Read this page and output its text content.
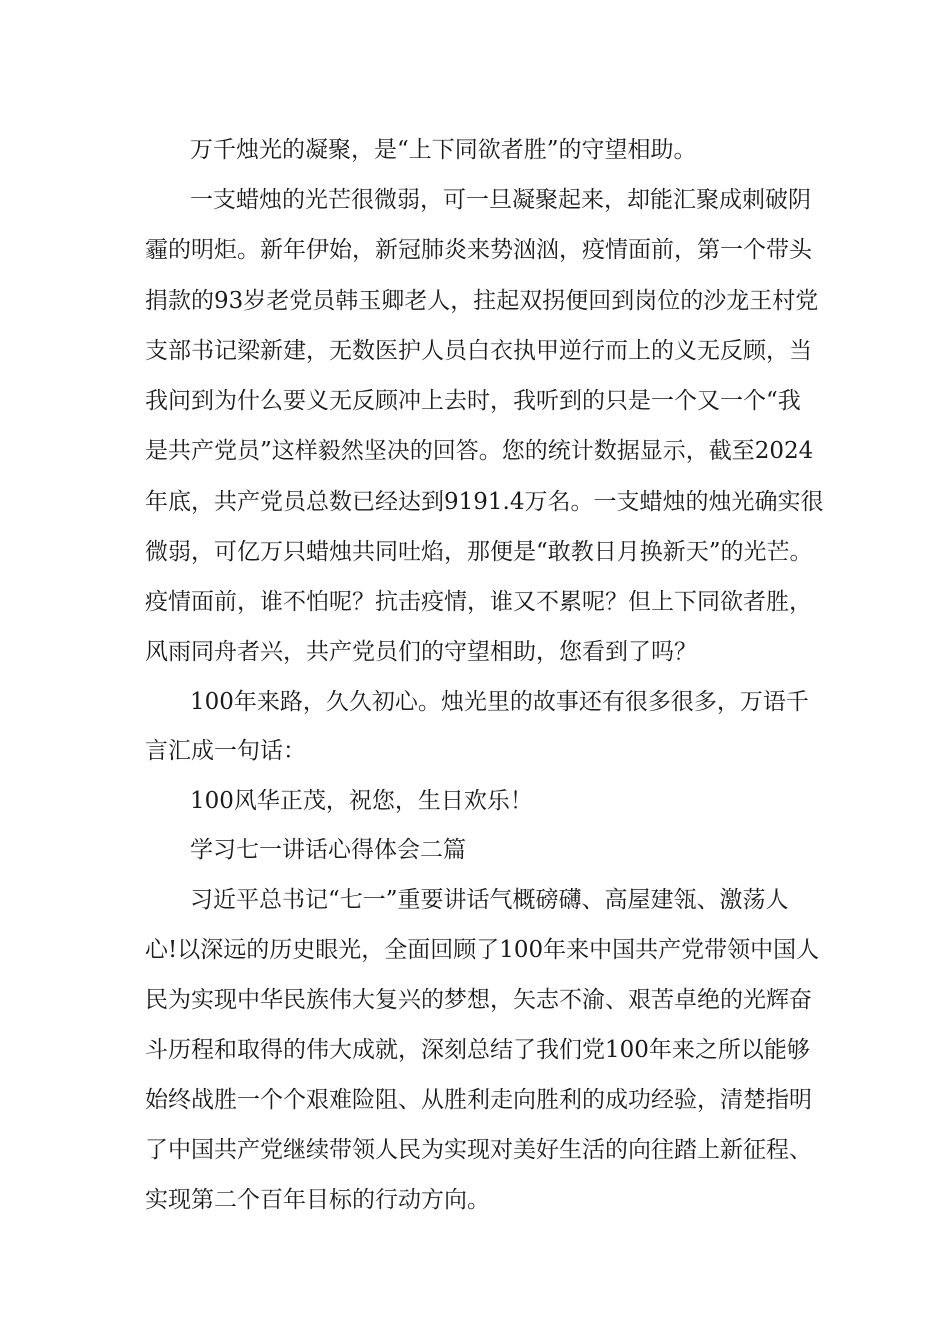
万千烛光的凝聚，是“上下同欲者胜”的守望相助。

一支蜡烛的光芒很微弱，可一旦凝聚起来，却能汇聚成刺破阴

霾的明炬。新年伊始，新冠肺炎来势汹汹，疫情面前，第一个带头

捐款的93岁老党员韩玉卿老人，拄起双拐便回到岗位的沙龙王村党

支部书记梁新建，无数医护人员白衣执甲逆行而上的义无反顾，当

我问到为什么要义无反顾冲上去时，我听到的只是一个又一个“我

是共产党员”这样毅然坚决的回答。您的统计数据显示，截至2024

年底，共产党员总数已经达到9191.4万名。一支蜡烛的烛光确实很

微弱，可亿万只蜡烛共同吐焰，那便是“敢教日月换新天”的光芒。

疫情面前，谁不怕呢？抗击疫情，谁又不累呢？但上下同欲者胜，

风雨同舟者兴，共产党员们的守望相助，您看到了吗？

100年来路，久久初心。烛光里的故事还有很多很多，万语千

言汇成一句话：

100风华正茂，祝您，生日欢乐！

学习七一讲话心得体会二篇

习近平总书记“七一”重要讲话气概磅礴、高屋建瓴、激荡人

心!以深远的历史眼光，全面回顾了100年来中国共产党带领中国人

民为实现中华民族伟大复兴的梦想，矢志不渝、艰苦卓绝的光辉奋

斗历程和取得的伟大成就，深刻总结了我们党100年来之所以能够

始终战胜一个个艰难险阻、从胜利走向胜利的成功经验，清楚指明

了中国共产党继续带领人民为实现对美好生活的向往踏上新征程、

实现第二个百年目标的行动方向。
